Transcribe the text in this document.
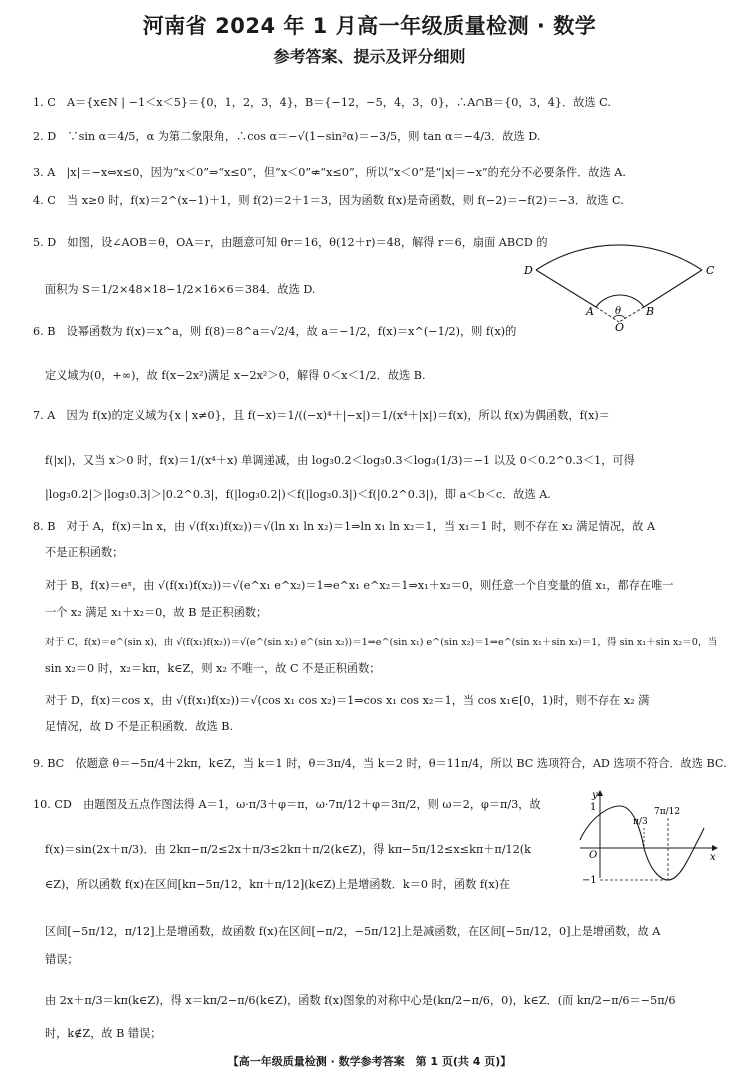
河南省 2024 年 1 月高一年级质量检测 · 数学
参考答案、提示及评分细则
1. C　A＝{x∈N | −1＜x＜5}＝{0，1，2，3，4}，B＝{−12，−5，4，3，0}，∴A∩B＝{0，3，4}．故选 C.
2. D　∵sin α＝4/5，α 为第二象限角，∴cos α＝−√(1−sin²α)＝−3/5，则 tan α＝−4/3．故选 D.
3. A　|x|＝−x⇔x≤0，因为“x＜0”⇒“x≤0”，但“x＜0”⇍“x≤0”，所以“x＜0”是“|x|＝−x”的充分不必要条件．故选 A.
4. C　当 x≥0 时，f(x)＝2^(x−1)＋1，则 f(2)＝2＋1＝3，因为函数 f(x)是奇函数，则 f(−2)＝−f(2)＝−3．故选 C.
5. D　如图，设∠AOB＝θ，OA＝r，由题意可知 θr＝16，θ(12＋r)＝48，解得 r＝6，扇面 ABCD 的
面积为 S＝1/2×48×18−1/2×16×6＝384．故选 D.
D	C
A	B
θ
O
6. B　设幂函数为 f(x)＝x^a，则 f(8)＝8^a＝√2/4，故 a＝−1/2，f(x)＝x^(−1/2)，则 f(x)的
定义域为(0，+∞)，故 f(x−2x²)满足 x−2x²＞0，解得 0＜x＜1/2．故选 B.
7. A　因为 f(x)的定义域为{x | x≠0}，且 f(−x)＝1/((−x)⁴＋|−x|)＝1/(x⁴＋|x|)＝f(x)，所以 f(x)为偶函数，f(x)＝
f(|x|)，又当 x＞0 时，f(x)＝1/(x⁴＋x) 单调递减，由 log₃0.2＜log₃0.3＜log₃(1/3)＝−1 以及 0＜0.2^0.3＜1，可得
|log₃0.2|＞|log₃0.3|＞|0.2^0.3|，f(|log₃0.2|)＜f(|log₃0.3|)＜f(|0.2^0.3|)，即 a＜b＜c．故选 A.
8. B　对于 A，f(x)＝ln x，由 √(f(x₁)f(x₂))＝√(ln x₁ ln x₂)＝1⇒ln x₁ ln x₂＝1，当 x₁＝1 时，则不存在 x₂ 满足情况，故 A
不是正积函数；
对于 B，f(x)＝eˣ，由 √(f(x₁)f(x₂))＝√(e^x₁ e^x₂)＝1⇒e^x₁ e^x₂＝1⇒x₁＋x₂＝0，则任意一个自变量的值 x₁，都存在唯一
一个 x₂ 满足 x₁＋x₂＝0，故 B 是正积函数；
对于 C，f(x)＝e^(sin x)，由 √(f(x₁)f(x₂))＝√(e^(sin x₁) e^(sin x₂))＝1⇒e^(sin x₁) e^(sin x₂)＝1⇒e^(sin x₁＋sin x₂)＝1，得 sin x₁＋sin x₂＝0，当
sin x₂＝0 时，x₂＝kπ，k∈Z，则 x₂ 不唯一，故 C 不是正积函数；
对于 D，f(x)＝cos x，由 √(f(x₁)f(x₂))＝√(cos x₁ cos x₂)＝1⇒cos x₁ cos x₂＝1，当 cos x₁∈[0，1)时，则不存在 x₂ 满
足情况，故 D 不是正积函数．故选 B.
9. BC　依题意 θ＝−5π/4＋2kπ，k∈Z，当 k＝1 时，θ＝3π/4，当 k＝2 时，θ＝11π/4，所以 BC 选项符合，AD 选项不符合．故选 BC.
10. CD　由题图及五点作图法得 A＝1，ω·π/3＋φ＝π，ω·7π/12＋φ＝3π/2，则 ω＝2，φ＝π/3，故
f(x)＝sin(2x＋π/3)．由 2kπ−π/2≤2x＋π/3≤2kπ＋π/2(k∈Z)，得 kπ−5π/12≤x≤kπ＋π/12(k
∈Z)，所以函数 f(x)在区间[kπ−5π/12，kπ＋π/12](k∈Z)上是增函数．k＝0 时，函数 f(x)在
区间[−5π/12，π/12]上是增函数，故函数 f(x)在区间[−π/2，−5π/12]上是减函数，在区间[−5π/12，0]上是增函数，故 A
错误；
由 2x＋π/3＝kπ(k∈Z)，得 x＝kπ/2−π/6(k∈Z)，函数 f(x)图象的对称中心是(kπ/2−π/6，0)，k∈Z．(而 kπ/2−π/6＝−5π/6
时，k∉Z，故 B 错误；
y
x
O
1
−1
π/3
7π/12
【高一年级质量检测 · 数学参考答案　第 1 页(共 4 页)】
